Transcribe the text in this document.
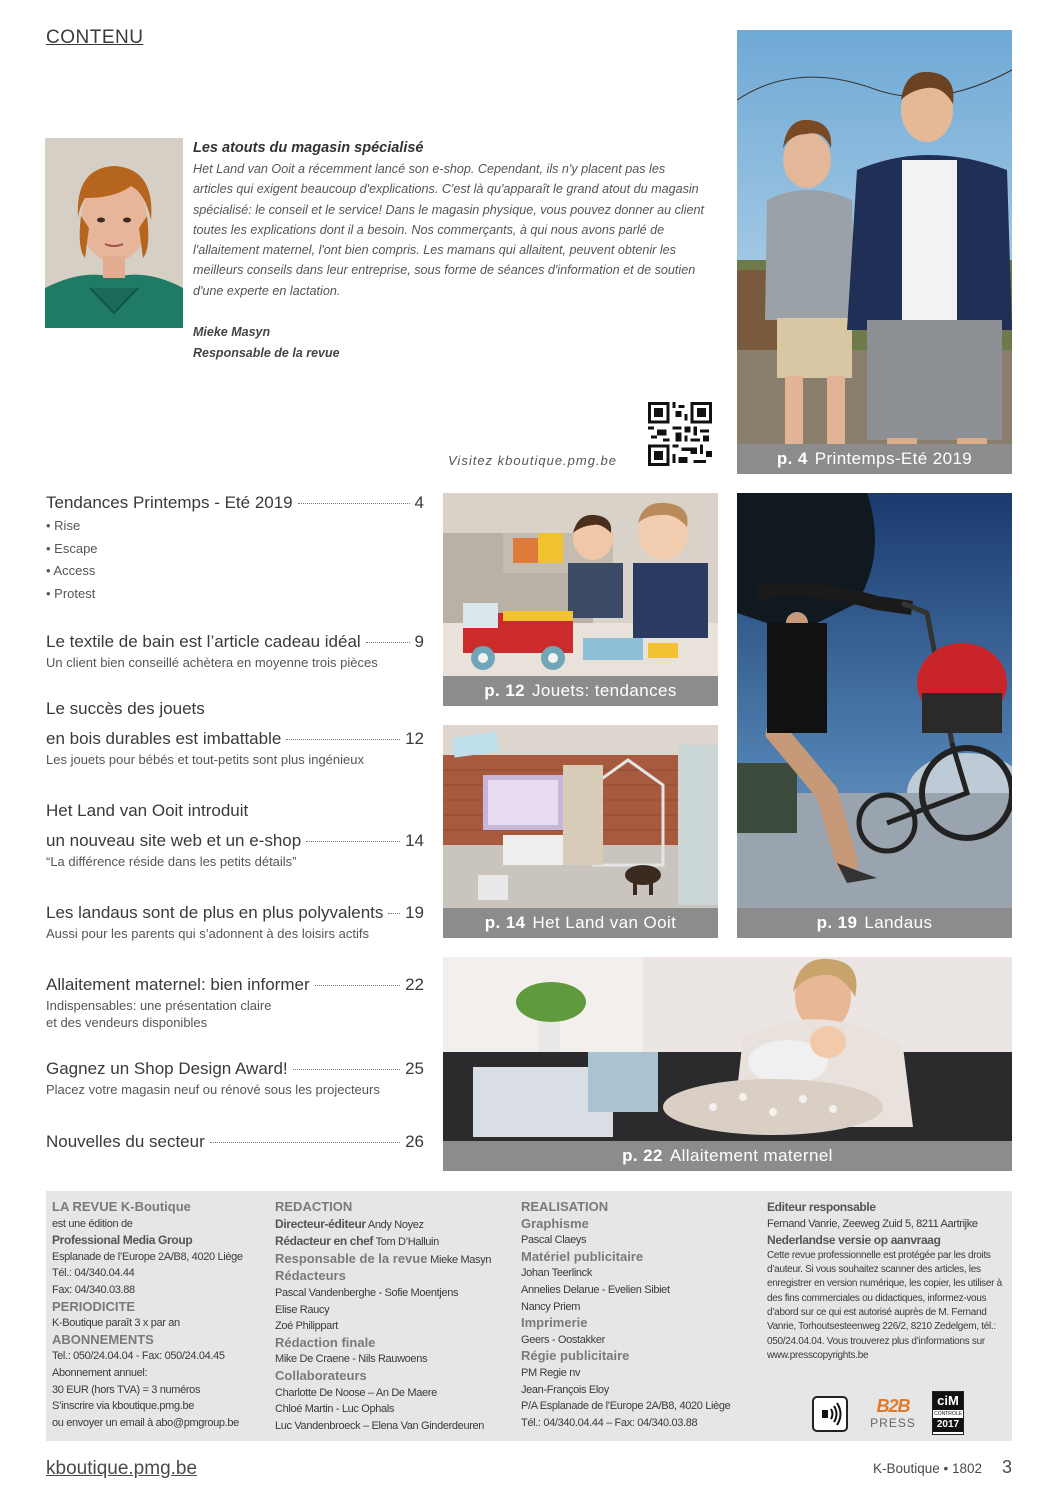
CONTENU
Les atouts du magasin spécialisé

Het Land van Ooit a récemment lancé son e-shop. Cependant, ils n'y placent pas les articles qui exigent beaucoup d'explications. C'est là qu'apparaît le grand atout du magasin spécialisé: le conseil et le service! Dans le magasin physique, vous pouvez donner au client toutes les explications dont il a besoin. Nos commerçants, à qui nous avons parlé de l'allaitement maternel, l'ont bien compris. Les mamans qui allaitent, peuvent obtenir les meilleurs conseils dans leur entreprise, sous forme de séances d'information et de soutien d'une experte en lactation.

Mieke Masyn
Responsable de la revue
Visitez kboutique.pmg.be	p. 4 Printemps-Eté 2019
p. 12 Jouets: tendances
p. 19 Landaus
p. 14 Het Land van Ooit
p. 22 Allaitement maternel
Tendances Printemps - Eté 2019	4
• Rise
• Escape
• Access
• Protest
Le textile de bain est l’article cadeau idéal	9
Un client bien conseillé achètera en moyenne trois pièces
Le succès des jouets
en bois durables est imbattable	12
Les jouets pour bébés et tout-petits sont plus ingénieux
Het Land van Ooit introduit
un nouveau site web et un e-shop	14
“La différence réside dans les petits détails”
Les landaus sont de plus en plus polyvalents 19
Aussi pour les parents qui s’adonnent à des loisirs actifs
Allaitement maternel: bien informer	22
Indispensables: une présentation claire
et des vendeurs disponibles
Gagnez un Shop Design Award!	25
Placez votre magasin neuf ou rénové sous les projecteurs
Nouvelles du secteur	26
LA REVUE K-Boutique
est une édition de
Professional Media Group
Esplanade de l’Europe 2A/B8, 4020 Liège
Tél.: 04/340.04.44
Fax: 04/340.03.88
PERIODICITE
K-Boutique paraît 3 x par an
ABONNEMENTS
Tel.: 050/24.04.04 - Fax: 050/24.04.45
Abonnement annuel:
30 EUR (hors TVA) = 3 numéros
S’inscrire via kboutique.pmg.be
ou envoyer un email à abo@pmgroup.be
REDACTION
Directeur-éditeur Andy Noyez
Rédacteur en chef Tom D’Halluin
Responsable de la revue Mieke Masyn
Rédacteurs
Pascal Vandenberghe - Sofie Moentjens
Elise Raucy
Zoé Philippart
Rédaction finale
Mike De Craene - Nils Rauwoens
Collaborateurs
Charlotte De Noose – An De Maere
Chloé Martin - Luc Ophals
Luc Vandenbroeck – Elena Van Ginderdeuren
REALISATION
Graphisme
Pascal Claeys
Matériel publicitaire
Johan Teerlinck
Annelies Delarue - Evelien Sibiet
Nancy Priem
Imprimerie
Geers - Oostakker
Régie publicitaire
PM Regie nv
Jean-François Eloy
P/A Esplanade de l’Europe 2A/B8, 4020 Liège
Tél.: 04/340.04.44 – Fax: 04/340.03.88
Editeur responsable
Fernand Vanrie, Zeeweg Zuid 5, 8211 Aartrijke
Nederlandse versie op aanvraag
Cette revue professionnelle est protégée par les droits d’auteur. Si vous souhaitez scanner des articles, les enregistrer en version numérique, les copier, les utiliser à des fins commerciales ou didactiques, informez-vous d’abord sur ce qui est autorisé auprès de M. Fernand Vanrie, Torhoutsesteenweg 226/2, 8210 Zedelgem, tél.: 050/24.04.04. Vous trouverez plus d’informations sur www.presscopyrights.be
B2B
PRESS
ciM
CONTROLE
2017
kboutique.pmg.be	K-Boutique • 1802 3
